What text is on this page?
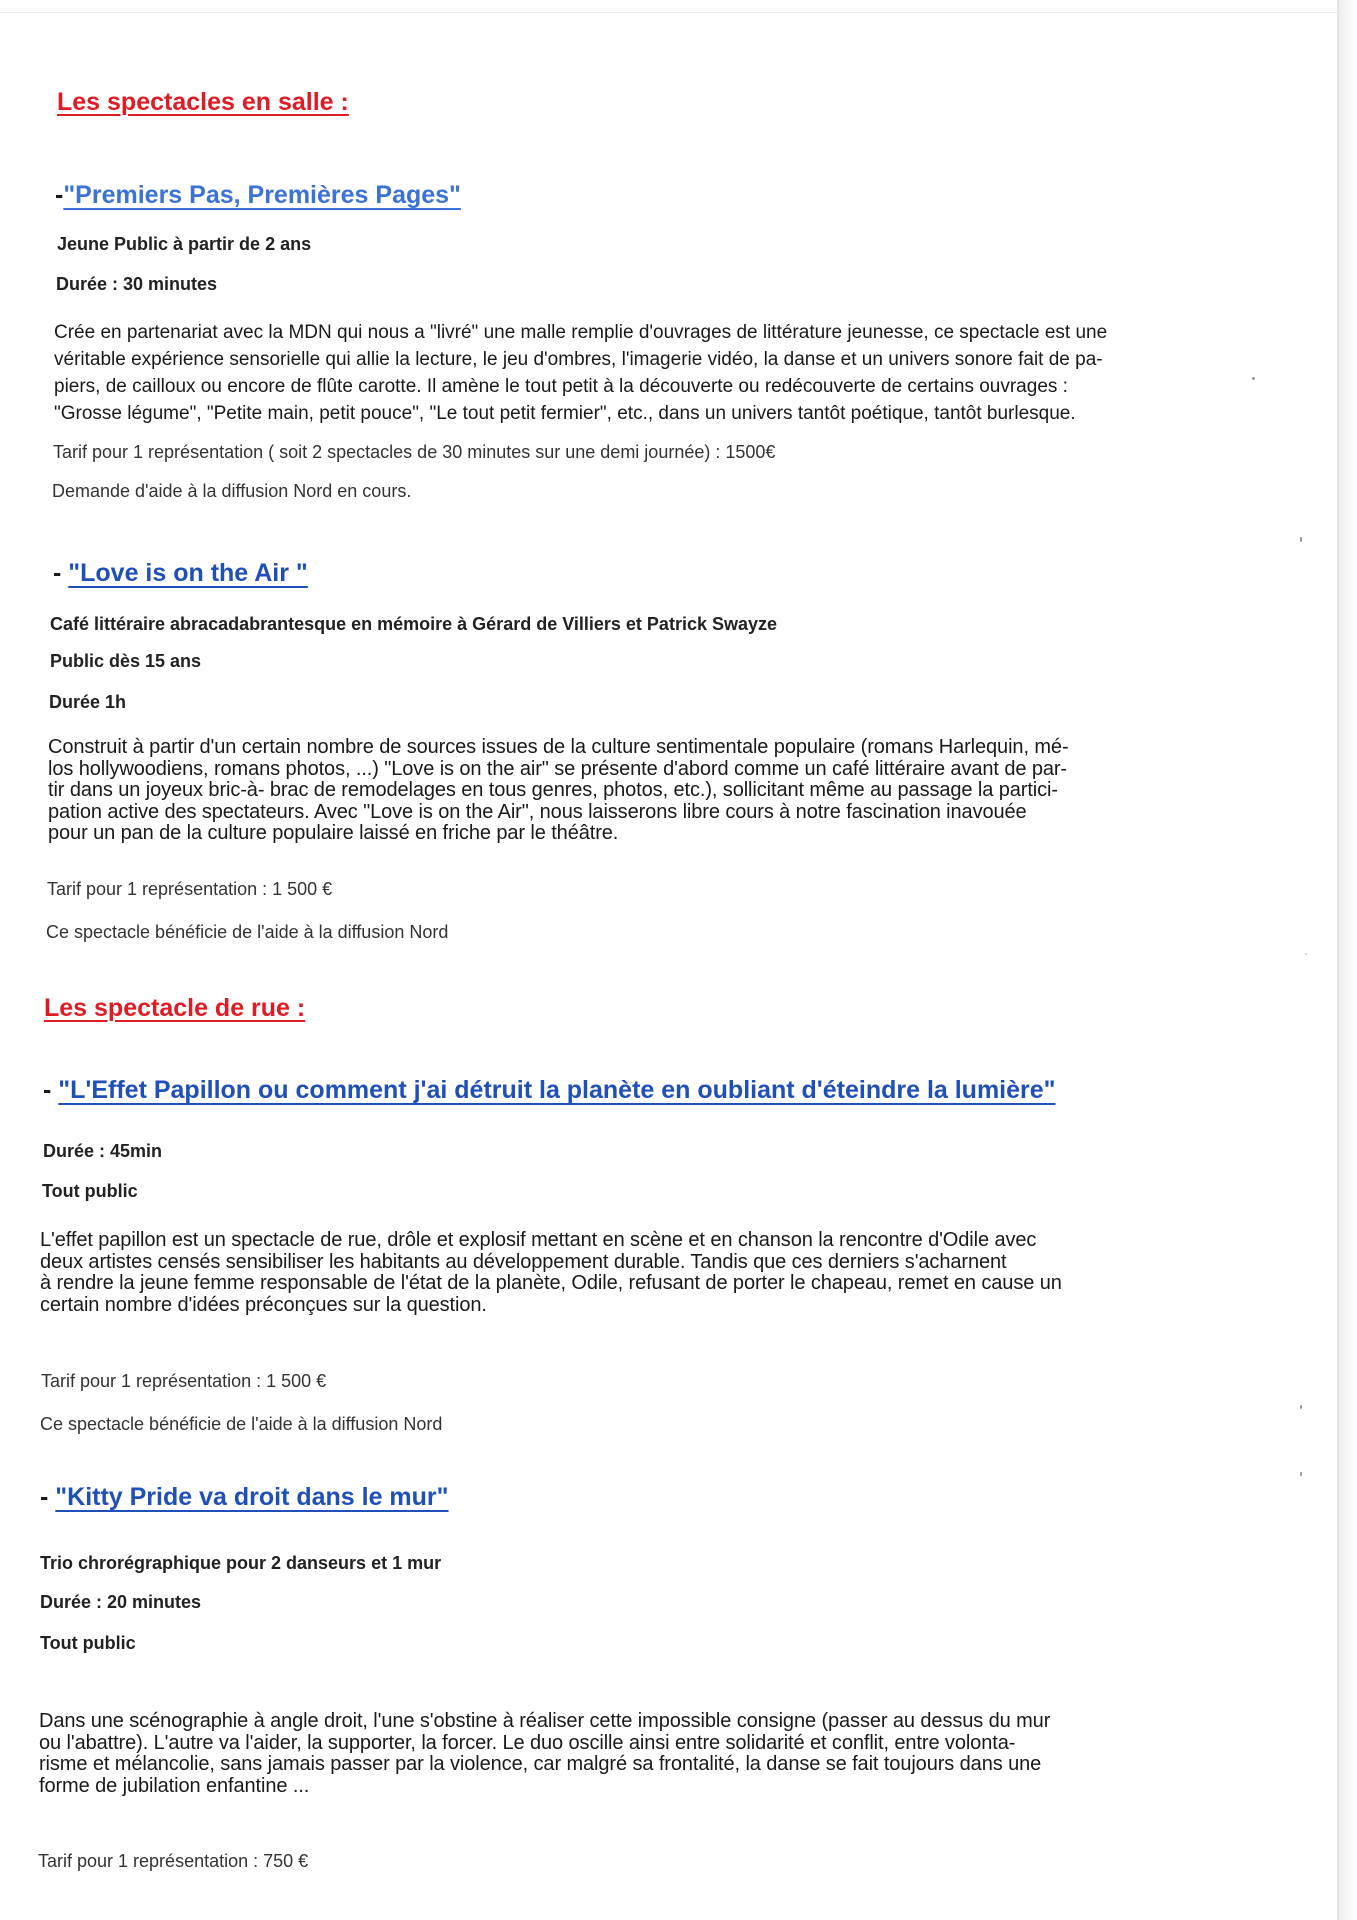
Les spectacles en salle :
-"Premiers Pas, Premières Pages"
Jeune Public à partir de 2 ans
Durée : 30 minutes
Crée en partenariat avec la MDN qui nous a "livré" une malle remplie d'ouvrages de littérature jeunesse, ce spectacle est une
véritable expérience sensorielle qui allie la lecture, le jeu d'ombres, l'imagerie vidéo, la danse et un univers sonore fait de pa-
piers, de cailloux ou encore de flûte carotte. Il amène le tout petit à la découverte ou redécouverte de certains ouvrages :
"Grosse légume", "Petite main, petit pouce", "Le tout petit fermier", etc., dans un univers tantôt poétique, tantôt burlesque.
Tarif pour 1 représentation ( soit 2 spectacles de 30 minutes sur une demi journée) : 1500€
Demande d'aide à la diffusion Nord en cours.
- "Love is on the Air "
Café littéraire abracadabrantesque en mémoire à Gérard de Villiers et Patrick Swayze
Public dès 15 ans
Durée 1h
Construit à partir d'un certain nombre de sources issues de la culture sentimentale populaire (romans Harlequin, mé-
los hollywoodiens, romans photos, ...) "Love is on the air" se présente d'abord comme un café littéraire avant de par-
tir dans un joyeux bric-à- brac de remodelages en tous genres, photos, etc.), sollicitant même au passage la partici-
pation active des spectateurs. Avec "Love is on the Air", nous laisserons libre cours à notre fascination inavouée
pour un pan de la culture populaire laissé en friche par le théâtre.
Tarif pour 1 représentation : 1 500 €
Ce spectacle bénéficie de l'aide à la diffusion Nord
Les spectacle de rue :
- "L'Effet Papillon ou comment j'ai détruit la planète en oubliant d'éteindre la lumière"
Durée : 45min
Tout public
L'effet papillon est un spectacle de rue, drôle et explosif mettant en scène et en chanson la rencontre d'Odile avec
deux artistes censés sensibiliser les habitants au développement durable. Tandis que ces derniers s'acharnent
à rendre la jeune femme responsable de l'état de la planète, Odile, refusant de porter le chapeau, remet en cause un
certain nombre d'idées préconçues sur la question.
Tarif pour 1 représentation : 1 500 €
Ce spectacle bénéficie de l'aide à la diffusion Nord
- "Kitty Pride va droit dans le mur"
Trio chrorégraphique pour 2 danseurs et 1 mur
Durée : 20 minutes
Tout public
Dans une scénographie à angle droit, l'une s'obstine à réaliser cette impossible consigne (passer au dessus du mur
ou l'abattre). L'autre va l'aider, la supporter, la forcer. Le duo oscille ainsi entre solidarité et conflit, entre volonta-
risme et mélancolie, sans jamais passer par la violence, car malgré sa frontalité, la danse se fait toujours dans une
forme de jubilation enfantine ...
Tarif pour 1 représentation : 750 €
